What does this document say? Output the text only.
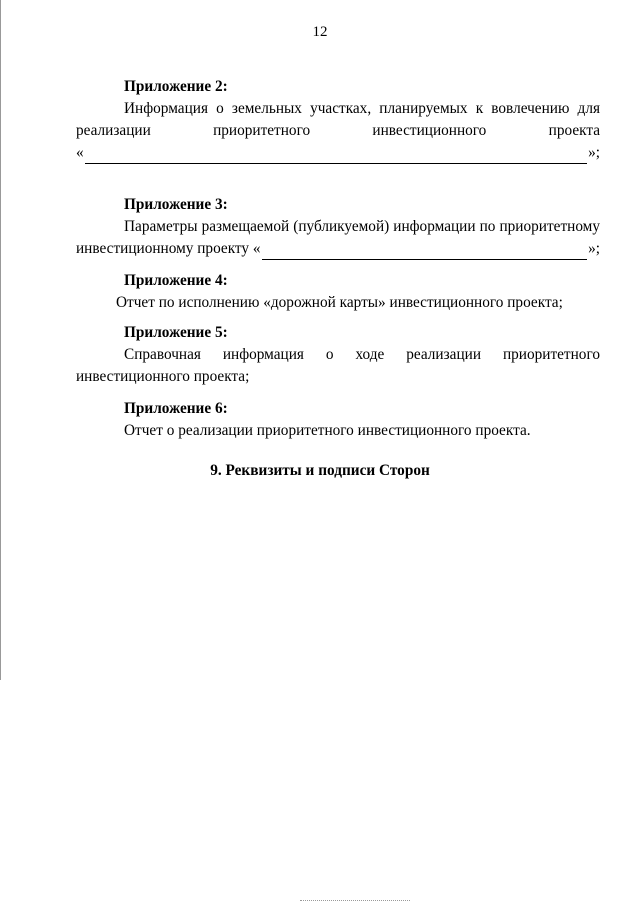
12
Приложение 2:
Информация о земельных участках, планируемых к вовлечению для
реализации приоритетного инвестиционного проекта
«	»;
Приложение 3:
Параметры размещаемой (публикуемой) информации по приоритетному
инвестиционному проекту «	»;
Приложение 4:
Отчет по исполнению «дорожной карты» инвестиционного проекта;
Приложение 5:
Справочная информация о ходе реализации приоритетного
инвестиционного проекта;
Приложение 6:
Отчет о реализации приоритетного инвестиционного проекта.
9. Реквизиты и подписи Сторон
